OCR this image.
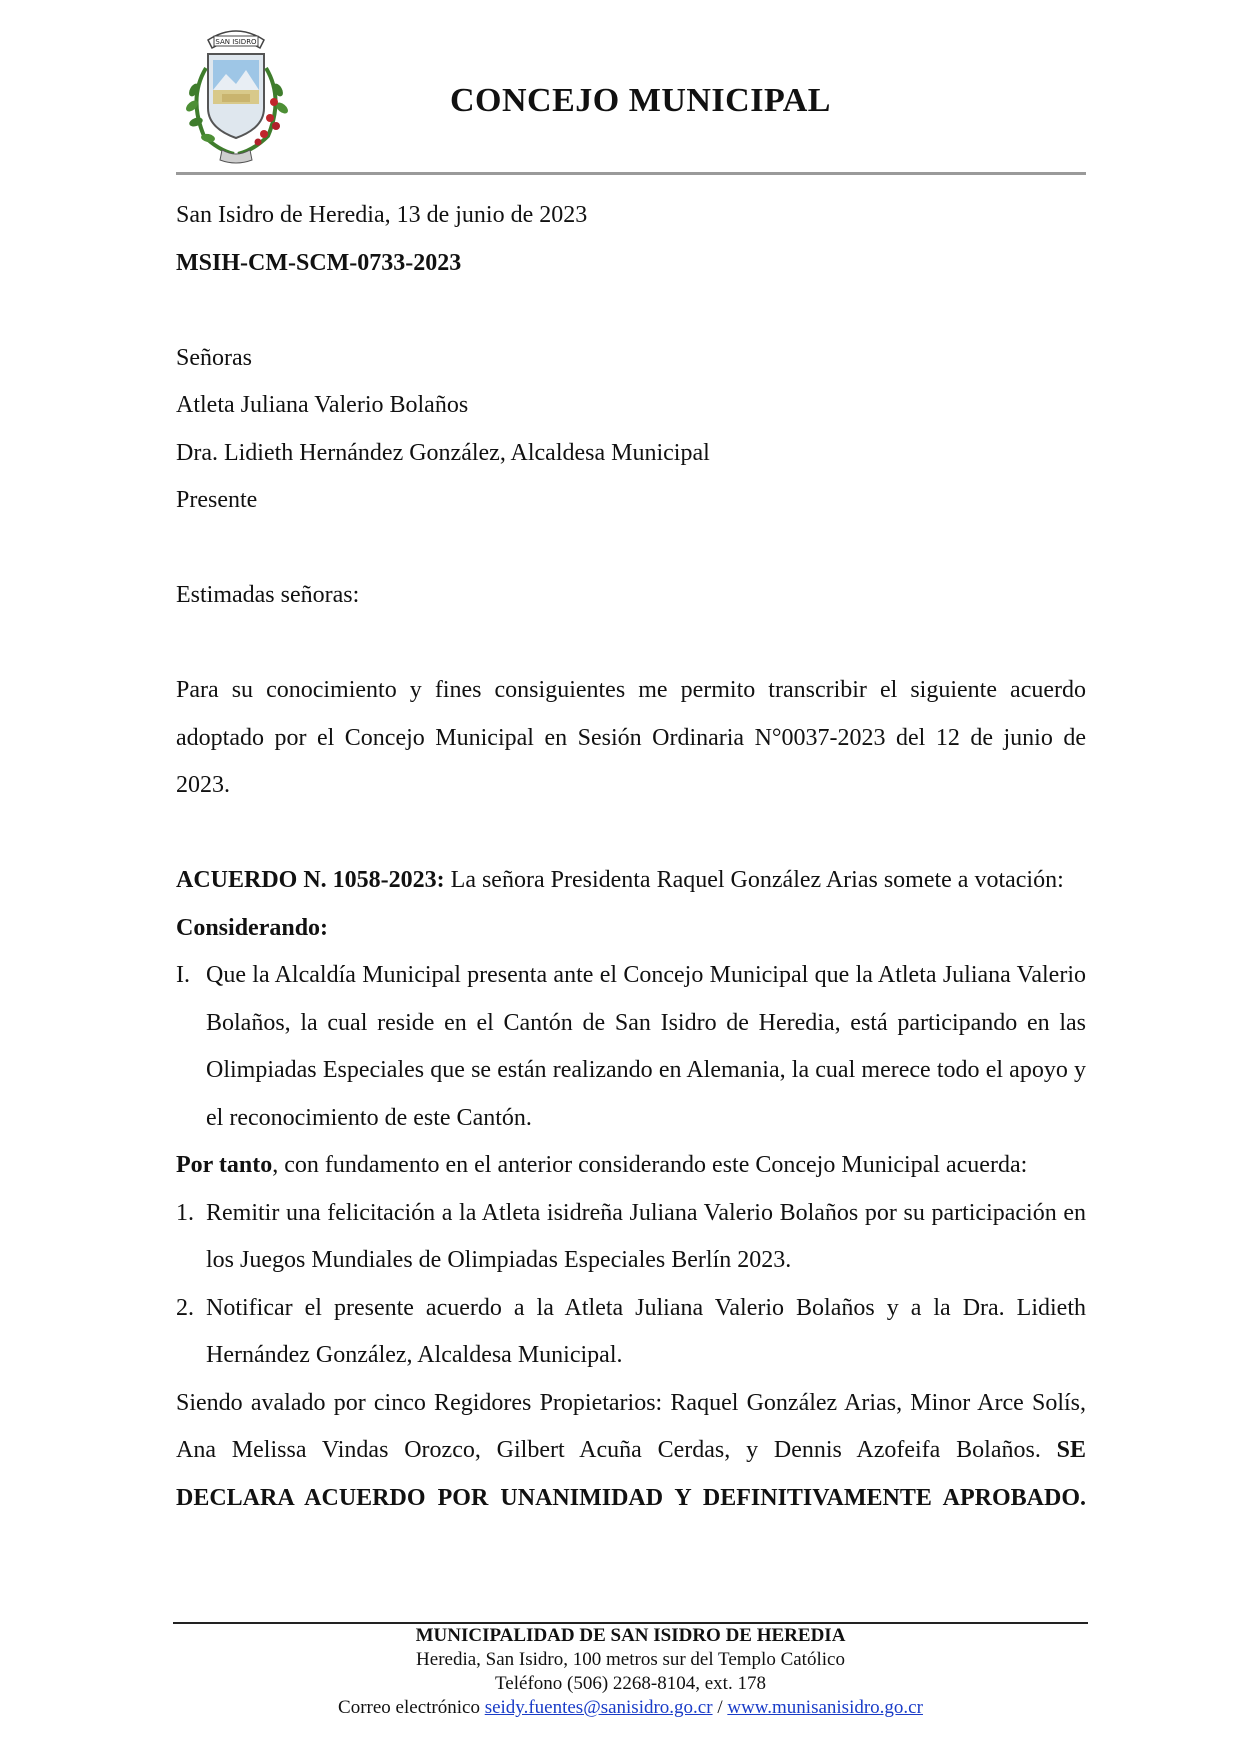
SAN ISIDRO
CONCEJO MUNICIPAL

San Isidro de Heredia, 13 de junio de 2023

MSIH-CM-SCM-0733-2023

Señoras

Atleta Juliana Valerio Bolaños

Dra. Lidieth Hernández González, Alcaldesa Municipal

Presente

Estimadas señoras:

Para su conocimiento y fines consiguientes me permito transcribir el siguiente acuerdo adoptado por el Concejo Municipal en Sesión Ordinaria N°0037-2023 del 12 de junio de 2023.

ACUERDO N. 1058-2023: La señora Presidenta Raquel González Arias somete a votación:

Considerando:

I. Que la Alcaldía Municipal presenta ante el Concejo Municipal que la Atleta Juliana Valerio Bolaños, la cual reside en el Cantón de San Isidro de Heredia, está participando en las Olimpiadas Especiales que se están realizando en Alemania, la cual merece todo el apoyo y el reconocimiento de este Cantón.

Por tanto, con fundamento en el anterior considerando este Concejo Municipal acuerda:

1. Remitir una felicitación a la Atleta isidreña Juliana Valerio Bolaños por su participación en los Juegos Mundiales de Olimpiadas Especiales Berlín 2023.
2. Notificar el presente acuerdo a la Atleta Juliana Valerio Bolaños y a la Dra. Lidieth Hernández González, Alcaldesa Municipal.

Siendo avalado por cinco Regidores Propietarios: Raquel González Arias, Minor Arce Solís,

Ana Melissa Vindas Orozco, Gilbert Acuña Cerdas, y Dennis Azofeifa Bolaños. SE

DECLARA ACUERDO POR UNANIMIDAD Y DEFINITIVAMENTE APROBADO.

MUNICIPALIDAD DE SAN ISIDRO DE HEREDIA
Heredia, San Isidro, 100 metros sur del Templo Católico
Teléfono (506) 2268-8104, ext. 178
Correo electrónico seidy.fuentes@sanisidro.go.cr / www.munisanisidro.go.cr
